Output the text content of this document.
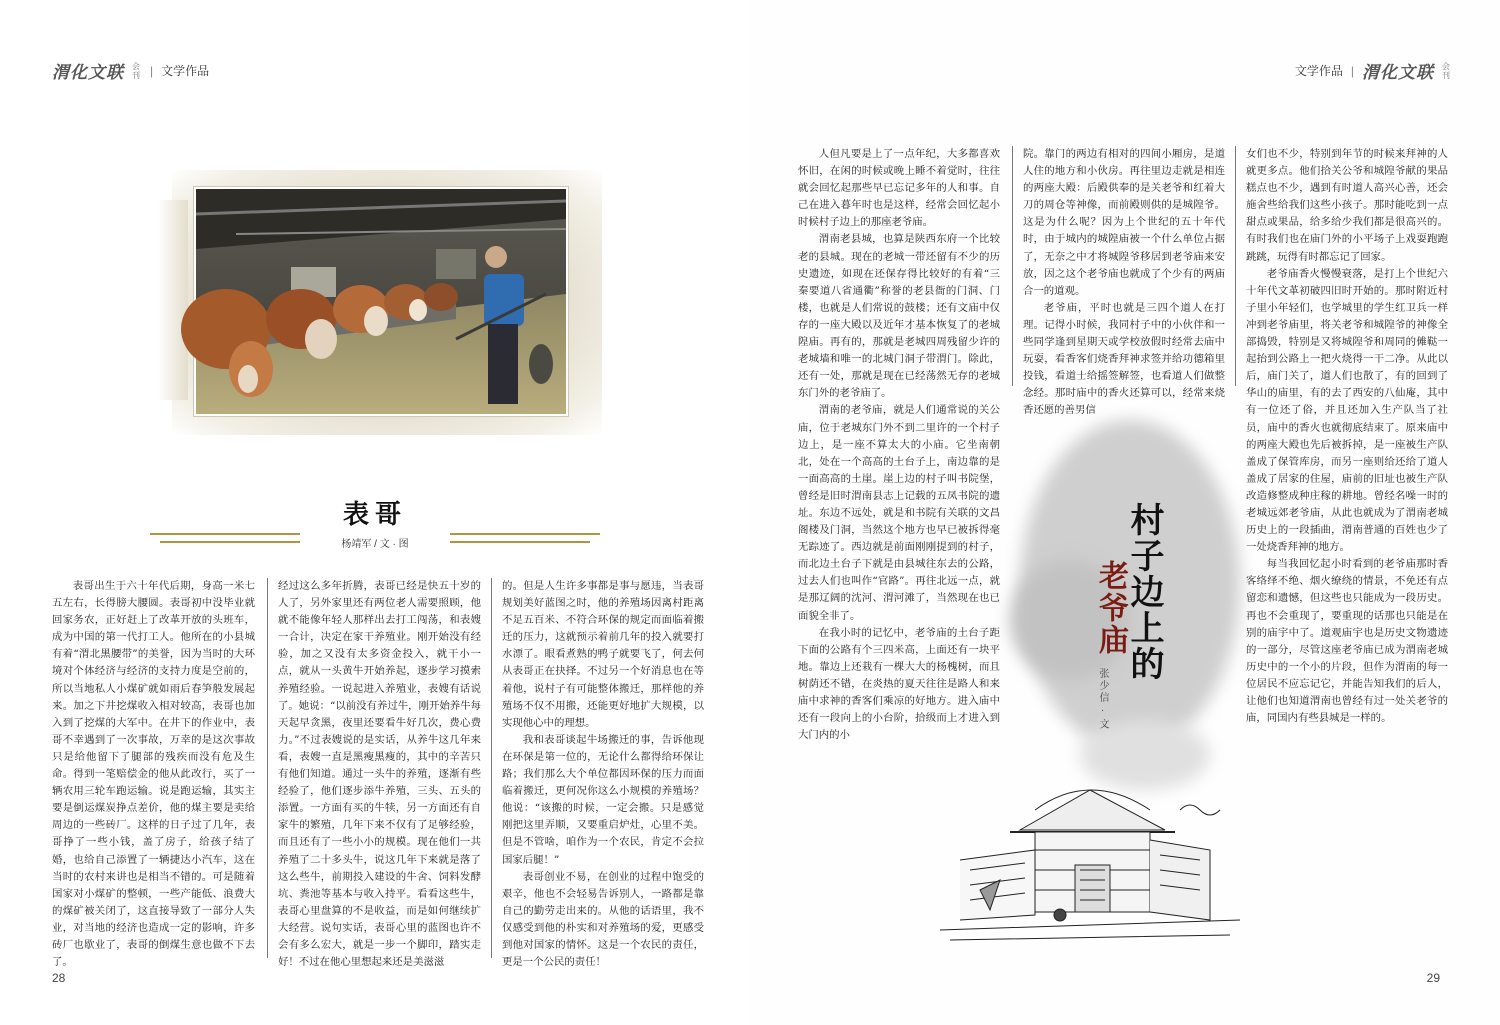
渭化文联 会刊 | 文学作品
表哥
杨靖军 / 文 · 图

表哥出生于六十年代后期，身高一米七五左右，长得膀大腰圆。表哥初中没毕业就回家务农，正好赶上了改革开放的头班车，成为中国的第一代打工人。他所在的小县城有着“渭北黑腰带”的美誉，因为当时的大环境对个体经济与经济的支持力度是空前的，所以当地私人小煤矿就如雨后春笋般发展起来。加之下井挖煤收入相对较高，表哥也加入到了挖煤的大军中。在井下的作业中，表哥不幸遇到了一次事故，万幸的是这次事故只是给他留下了腿部的残疾而没有危及生命。得到一笔赔偿金的他从此改行，买了一辆农用三轮车跑运输。说是跑运输，其实主要是倒运煤炭挣点差价，他的煤主要是卖给周边的一些砖厂。这样的日子过了几年，表哥挣了一些小钱，盖了房子，给孩子结了婚，也给自己添置了一辆捷达小汽车，这在当时的农村来讲也是相当不错的。可是随着国家对小煤矿的整顿，一些产能低、浪费大的煤矿被关闭了，这直接导致了一部分人失业，对当地的经济也造成一定的影响，许多砖厂也歇业了，表哥的倒煤生意也做不下去了。

经过这么多年折腾，表哥已经是快五十岁的人了，另外家里还有两位老人需要照顾，他就不能像年轻人那样出去打工闯荡，和表嫂一合计，决定在家干养殖业。刚开始没有经验，加之又没有太多资金投入，就干小一点，就从一头黄牛开始养起，逐步学习摸索养殖经验。一说起进入养殖业，表嫂有话说了。她说：“以前没有养过牛，刚开始养牛每天起早贪黑，夜里还要看牛好几次，费心费力。”不过表嫂说的是实话，从养牛这几年来看，表嫂一直是黑瘦黑瘦的，其中的辛苦只有他们知道。通过一头牛的养殖，逐渐有些经验了，他们逐步添牛养殖，三头、五头的添置。一方面有买的牛犊，另一方面还有自家牛的繁殖，几年下来不仅有了足够经验，而且还有了一些小小的规模。现在他们一共养殖了二十多头牛，说这几年下来就是落了这么些牛，前期投入建设的牛舍、饲料发酵坑、粪池等基本与收入持平。看看这些牛，表哥心里盘算的不是收益，而是如何继续扩大经营。说句实话，表哥心里的蓝图也许不会有多么宏大，就是一步一个脚印，踏实走好！不过在他心里想起来还是美滋滋

的。但是人生许多事都是事与愿违，当表哥规划美好蓝图之时，他的养殖场因离村距离不足五百米、不符合环保的规定而面临着搬迁的压力，这就预示着前几年的投入就要打水漂了。眼看煮熟的鸭子就要飞了，何去何从表哥正在抉择。不过另一个好消息也在等着他，说村子有可能整体搬迁，那样他的养殖场不仅不用搬，还能更好地扩大规模，以实现他心中的理想。

我和表哥谈起牛场搬迁的事，告诉他现在环保是第一位的，无论什么都得给环保让路；我们那么大个单位都因环保的压力而面临着搬迁，更何况你这么小规模的养殖场？他说：“该搬的时候，一定会搬。只是感觉刚把这里弄顺，又要重启炉灶，心里不美。但是不管啥，咱作为一个农民，肯定不会拉国家后腿！”

表哥创业不易，在创业的过程中饱受的艰辛，他也不会轻易告诉别人，一路都是靠自己的勤劳走出来的。从他的话语里，我不仅感受到他的朴实和对养殖场的爱，更感受到他对国家的情怀。这是一个农民的责任，更是一个公民的责任！

28
文学作品 | 渭化文联 会刊
村子边上的
老爷庙
张少信 · 文

人但凡要是上了一点年纪，大多都喜欢怀旧，在闲的时候或晚上睡不着觉时，往往就会回忆起那些早已忘记多年的人和事。自己在进入暮年时也是这样，经常会回忆起小时候村子边上的那座老爷庙。

渭南老县城，也算是陕西东府一个比较老的县城。现在的老城一带还留有不少的历史遗迹，如现在还保存得比较好的有着“三秦要道八省通衢”称誉的老县衙的门洞、门楼，也就是人们常说的鼓楼；还有文庙中仅存的一座大殿以及近年才基本恢复了的老城隍庙。再有的，那就是老城四周残留少许的老城墙和唯一的北城门洞子带渭门。除此，还有一处，那就是现在已经荡然无存的老城东门外的老爷庙了。

渭南的老爷庙，就是人们通常说的关公庙，位于老城东门外不到二里许的一个村子边上，是一座不算太大的小庙。它坐南朝北，处在一个高高的土台子上，南边靠的是一面高高的土崖。崖上边的村子叫书院堡，曾经是旧时渭南县志上记载的五凤书院的遗址。东边不远处，就是和书院有关联的文昌阁楼及门洞，当然这个地方也早已被拆得毫无踪迹了。西边就是前面刚刚提到的村子，而北边土台子下就是由县城往东去的公路，过去人们也叫作“官路”。再往北远一点，就是那辽阔的沈河、渭河滩了，当然现在也已面貌全非了。

在我小时的记忆中，老爷庙的土台子距下面的公路有个三四米高，上面还有一块平地。靠边上还栽有一棵大大的杨槐树，而且树荫还不错，在炎热的夏天往往是路人和来庙中求神的香客们乘凉的好地方。进入庙中还有一段向上的小台阶，拾级而上才进入到大门内的小

院。靠门的两边有相对的四间小厢房，是道人住的地方和小伙房。再往里边走就是相连的两座大殿：后殿供奉的是关老爷和红着大刀的周仓等神像，而前殿则供的是城隍爷。这是为什么呢？因为上个世纪的五十年代时，由于城内的城隍庙被一个什么单位占据了，无奈之中才将城隍爷移居到老爷庙来安放，因之这个老爷庙也就成了个少有的两庙合一的道观。

老爷庙，平时也就是三四个道人在打理。记得小时候，我同村子中的小伙伴和一些同学逢到星期天或学校放假时经常去庙中玩耍，看香客们烧香拜神求签并给功德箱里投钱，看道士给摇签解签，也看道人们做整念经。那时庙中的香火还算可以，经常来烧香还愿的善男信

女们也不少，特别到年节的时候来拜神的人就更多点。他们拾关公爷和城隍爷献的果品糕点也不少，遇到有时道人高兴心善，还会施舍些给我们这些小孩子。那时能吃到一点甜点或果品，给多给少我们都是很高兴的。有时我们也在庙门外的小平场子上戏耍跑跑跳跳，玩得有时都忘记了回家。

老爷庙香火慢慢衰落，是打上个世纪六十年代文革初破四旧时开始的。那时附近村子里小年轻们，也学城里的学生红卫兵一样冲到老爷庙里，将关老爷和城隍爷的神像全部捣毁，特别是又将城隍爷和周同的傩鞑一起抬到公路上一把火烧得一干二净。从此以后，庙门关了，道人们也散了，有的回到了华山的庙里，有的去了西安的八仙庵，其中有一位还了俗，并且还加入生产队当了社员，庙中的香火也就彻底结束了。原来庙中的两座大殿也先后被拆掉，是一座被生产队盖成了保管库房，而另一座则给还给了道人盖成了居家的住屋，庙前的旧址也被生产队改造修整成种庄稼的耕地。曾经名噪一时的老城远郊老爷庙，从此也就成为了渭南老城历史上的一段插曲，渭南普通的百姓也少了一处烧香拜神的地方。

每当我回忆起小时看到的老爷庙那时香客络绎不绝、烟火缭绕的情景，不免还有点留恋和遗憾，但这些也只能成为一段历史。再也不会重现了，要重现的话那也只能是在别的庙宇中了。道观庙宇也是历史文物遗迹的一部分，尽管这座老爷庙已成为渭南老城历史中的一个小的片段，但作为渭南的每一位居民不应忘记它，并能告知我们的后人，让他们也知道渭南也曾经有过一处关老爷的庙，同国内有些县城是一样的。

29
